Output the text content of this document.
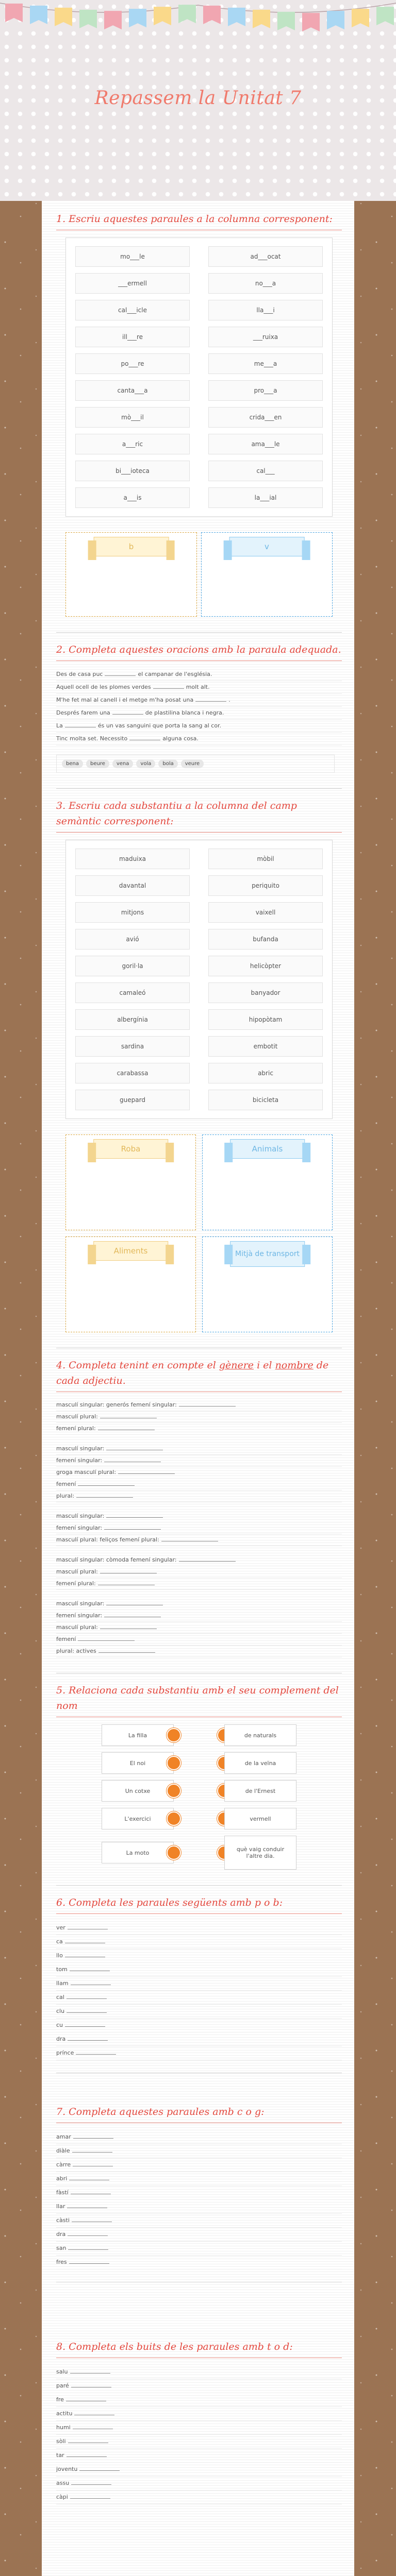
Repassem la Unitat 7
1. Escriu aquestes paraules a la columna corresponent:
mo___le	ad___ocat
___ermell	no___a
cal___icle	lla___i
ill___re	___ruixa
po___re	me___a
canta___a	pro___a
mò___il	crida___en
a___ric	ama___le
bi___ioteca	cal___
a___is	la___ial
b	v
2. Completa aquestes oracions amb la paraula adequada.
Des de casa puc	el campanar de l'església.
Aquell ocell de les plomes verdes	molt alt.
M'he fet mal al canell i el metge m'ha posat una	.
Després farem una	de plastilina blanca i negra.
La	és un vas sanguini que porta la sang al cor.
Tinc molta set. Necessito	alguna cosa.
bena	beure	vena	vola	bola	veure
3. Escriu cada substantiu a la columna del camp semàntic corresponent:
maduixa	mòbil
davantal	periquito
mitjons	vaixell
avió	bufanda
goril·la	helicòpter
camaleó	banyador
albergínia	hipopòtam
sardina	embotit
carabassa	abric
guepard	bicicleta
Roba	Animals
Aliments	Mitjà de transport
4. Completa tenint en compte el gènere i el nombre de cada adjectiu.
masculí singular: generós femení singular:
masculí plural:
femení plural:
masculí singular:
femení singular:
groga masculí plural:
femení
plural:
masculí singular:
femení singular:
masculí plural: feliços femení plural:
masculí singular: còmoda femení singular:
masculí plural:
femení plural:
masculí singular:
femení singular:
masculí plural:
femení
plural: actives
5. Relaciona cada substantiu amb el seu complement del nom
La filla	de naturals
El noi	de la veïna
Un cotxe	de l'Ernest
L'exercici	vermell
La moto	què vaig conduir l'altre dia.
6. Completa les paraules següents amb p o b:
ver
ca
llo
tom
llam
cal
clu
cu
dra
prínce
7. Completa aquestes paraules amb c o g:
amar
diàle
càrre
abri
fàstí
llar
càsti
dra
san
fres
8. Completa els buits de les paraules amb t o d:
salu
paré
fre
actitu
humi
sòli
tar
joventu
assu
càpi
